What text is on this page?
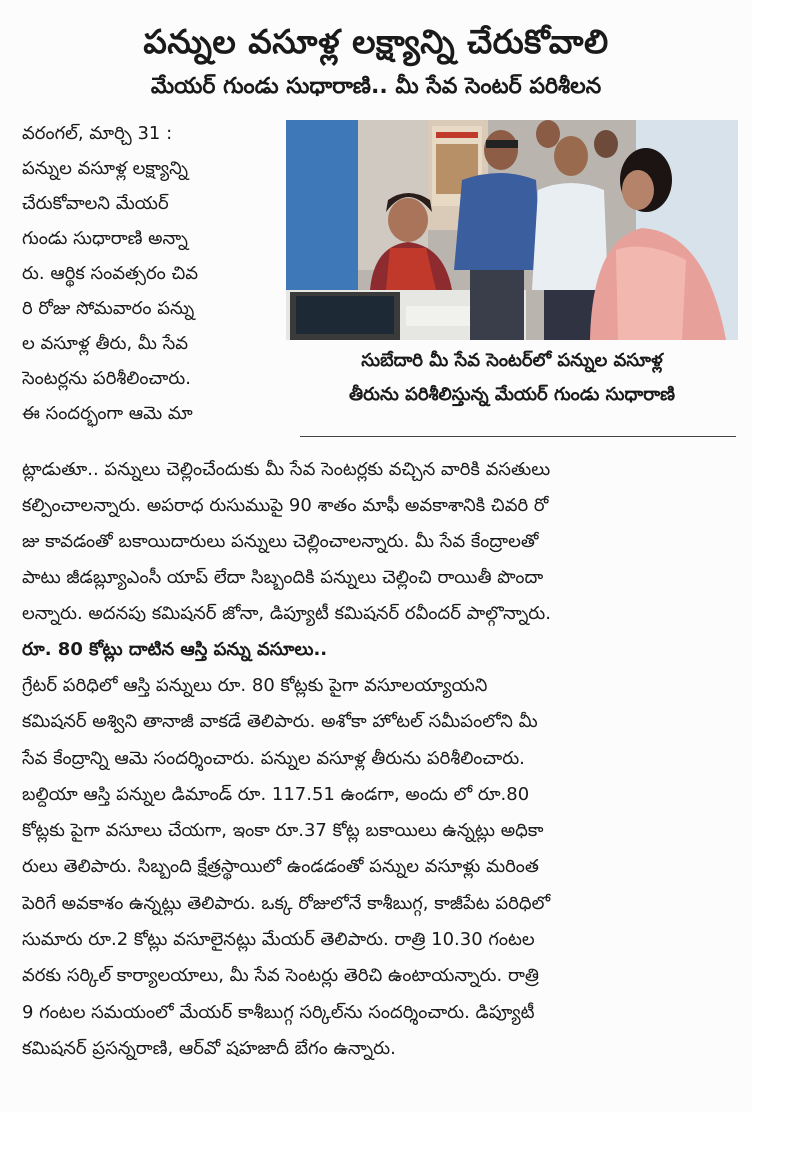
పన్నుల వసూళ్ల లక్ష్యాన్ని చేరుకోవాలి
మేయర్ గుండు సుధారాణి.. మీ సేవ సెంటర్ పరిశీలన

వరంగల్, మార్చి 31 :

పన్నుల వసూళ్ల లక్ష్యాన్ని

చేరుకోవాలని మేయర్

గుండు సుధారాణి అన్నా

రు. ఆర్థిక సంవత్సరం చివ

రి రోజు సోమవారం పన్ను

ల వసూళ్ల తీరు, మీ సేవ

సెంటర్లను పరిశీలించారు.

ఈ సందర్భంగా ఆమె మా

సుబేదారి మీ సేవ సెంటర్‌లో పన్నుల వసూళ్ల
తీరును పరిశీలిస్తున్న మేయర్ గుండు సుధారాణి

ట్లాడుతూ.. పన్నులు చెల్లించేందుకు మీ సేవ సెంటర్లకు వచ్చిన వారికి వసతులు

కల్పించాలన్నారు. అపరాధ రుసుముపై 90 శాతం మాఫీ అవకాశానికి చివరి రో

జు కావడంతో బకాయిదారులు పన్నులు చెల్లించాలన్నారు. మీ సేవ కేంద్రాలతో

పాటు జీడబ్ల్యూఎంసీ యాప్ లేదా సిబ్బందికి పన్నులు చెల్లించి రాయితీ పొందా

లన్నారు. అదనపు కమిషనర్ జోనా, డిప్యూటీ కమిషనర్ రవీందర్ పాల్గొన్నారు.

రూ. 80 కోట్లు దాటిన ఆస్తి పన్ను వసూలు..

గ్రేటర్ పరిధిలో ఆస్తి పన్నులు రూ. 80 కోట్లకు పైగా వసూలయ్యాయని

కమిషనర్ అశ్విని తానాజీ వాకడే తెలిపారు. అశోకా హోటల్ సమీపంలోని మీ

సేవ కేంద్రాన్ని ఆమె సందర్శించారు. పన్నుల వసూళ్ల తీరును పరిశీలించారు.

బల్దియా ఆస్తి పన్నుల డిమాండ్ రూ. 117.51 ఉండగా, అందు లో రూ.80

కోట్లకు పైగా వసూలు చేయగా, ఇంకా రూ.37 కోట్ల బకాయిలు ఉన్నట్లు అధికా

రులు తెలిపారు. సిబ్బంది క్షేత్రస్థాయిలో ఉండడంతో పన్నుల వసూళ్లు మరింత

పెరిగే అవకాశం ఉన్నట్లు తెలిపారు. ఒక్క రోజులోనే కాశీబుగ్గ, కాజీపేట పరిధిలో

సుమారు రూ.2 కోట్లు వసూలైనట్లు మేయర్ తెలిపారు. రాత్రి 10.30 గంటల

వరకు సర్కిల్ కార్యాలయాలు, మీ సేవ సెంటర్లు తెరిచి ఉంటాయన్నారు. రాత్రి

9 గంటల సమయంలో మేయర్ కాశీబుగ్గ సర్కిల్‌ను సందర్శించారు. డిప్యూటీ

కమిషనర్ ప్రసన్నరాణి, ఆర్‌వో షహజాదీ బేగం ఉన్నారు.
